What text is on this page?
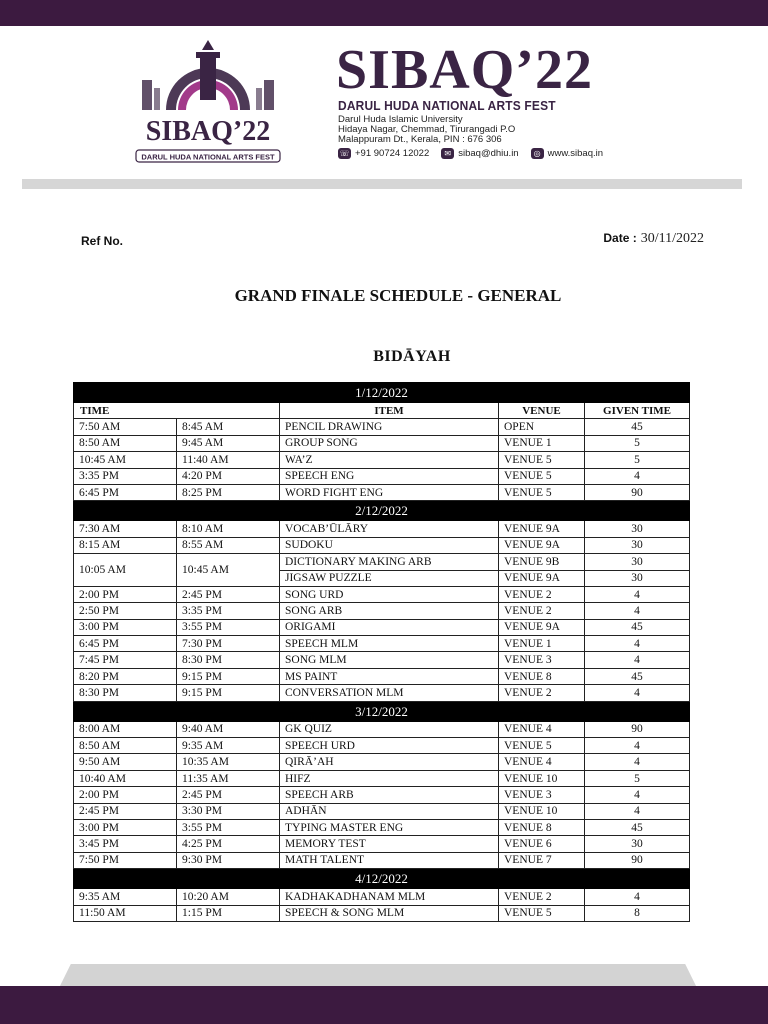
SIBAQ’22
DARUL HUDA NATIONAL ARTS FEST
SIBAQ’22

DARUL HUDA NATIONAL ARTS FEST

Darul Huda Islamic University

Hidaya Nagar, Chemmad, Tirurangadi P.O

Malappuram Dt., Kerala, PIN : 676 306

☏ +91 90724 12022	✉ sibaq@dhiu.in	◎ www.sibaq.in

Ref No.	Date : 30/11/2022
GRAND FINALE SCHEDULE - GENERAL
BIDĀYAH
1/12/2022				
TIME		ITEM	VENUE	GIVEN TIME
7:50 AM	8:45 AM	PENCIL DRAWING	OPEN	45
8:50 AM	9:45 AM	GROUP SONG	VENUE 1	5
10:45 AM	11:40 AM	WA’Z	VENUE 5	5
3:35 PM	4:20 PM	SPEECH ENG	VENUE 5	4
6:45 PM	8:25 PM	WORD FIGHT ENG	VENUE 5	90
2/12/2022				
7:30 AM	8:10 AM	VOCAB’ŪLĀRY	VENUE 9A	30
8:15 AM	8:55 AM	SUDOKU	VENUE 9A	30
10:05 AM	10:45 AM	DICTIONARY MAKING ARB	VENUE 9B	30
		JIGSAW PUZZLE	VENUE 9A	30
2:00 PM	2:45 PM	SONG URD	VENUE 2	4
2:50 PM	3:35 PM	SONG ARB	VENUE 2	4
3:00 PM	3:55 PM	ORIGAMI	VENUE 9A	45
6:45 PM	7:30 PM	SPEECH MLM	VENUE 1	4
7:45 PM	8:30 PM	SONG MLM	VENUE 3	4
8:20 PM	9:15 PM	MS PAINT	VENUE 8	45
8:30 PM	9:15 PM	CONVERSATION MLM	VENUE 2	4
3/12/2022				
8:00 AM	9:40 AM	GK QUIZ	VENUE 4	90
8:50 AM	9:35 AM	SPEECH URD	VENUE 5	4
9:50 AM	10:35 AM	QIRĀ’AH	VENUE 4	4
10:40 AM	11:35 AM	HIFZ	VENUE 10	5
2:00 PM	2:45 PM	SPEECH ARB	VENUE 3	4
2:45 PM	3:30 PM	ADHĀN	VENUE 10	4
3:00 PM	3:55 PM	TYPING MASTER ENG	VENUE 8	45
3:45 PM	4:25 PM	MEMORY TEST	VENUE 6	30
7:50 PM	9:30 PM	MATH TALENT	VENUE 7	90
4/12/2022				
9:35 AM	10:20 AM	KADHAKADHANAM MLM	VENUE 2	4
11:50 AM	1:15 PM	SPEECH & SONG MLM	VENUE 5	8
